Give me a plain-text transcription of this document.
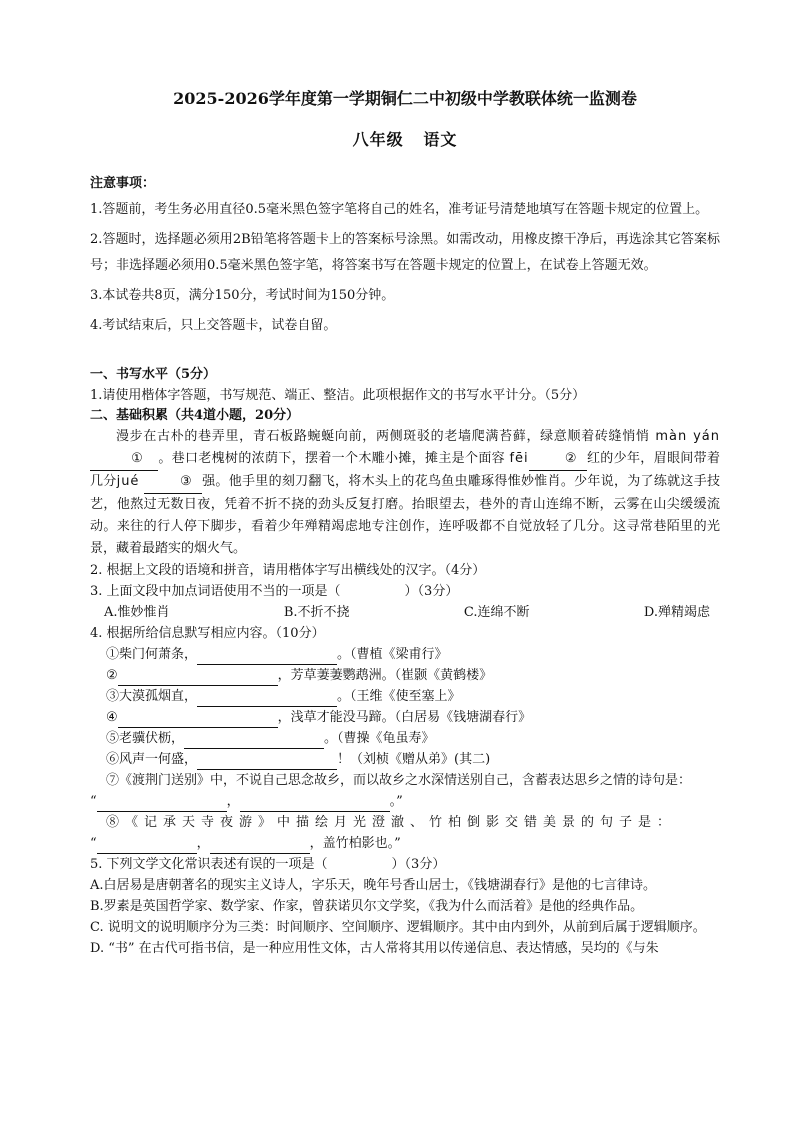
2025-2026学年度第一学期铜仁二中初级中学教联体统一监测卷
八年级   语文
注意事项：

1.答题前，考生务必用直径0.5毫米黑色签字笔将自己的姓名，准考证号清楚地填写在答题卡规定的位置上。

2.答题时，选择题必须用2B铅笔将答题卡上的答案标号涂黑。如需改动，用橡皮擦干净后，再选涂其它答案标号；非选择题必须用0.5毫米黑色签字笔，将答案书写在答题卡规定的位置上，在试卷上答题无效。

3.本试卷共8页，满分150分，考试时间为150分钟。

4.考试结束后，只上交答题卡，试卷自留。

一、书写水平（5分）

1.请使用楷体字答题，书写规范、端正、整洁。此项根据作文的书写水平计分。（5分）

二、基础积累（共4道小题，20分）

漫步在古朴的巷弄里，青石板路蜿蜒向前，两侧斑驳的老墙爬满苔藓，绿意顺着砖缝悄悄 màn yán① 。巷口老槐树的浓荫下，摆着一个木雕小摊，摊主是个面容 fēi	② 红的少年，眉眼间带着几分jué	③ 强。他手里的刻刀翻飞，将木头上的花鸟鱼虫雕琢得惟妙惟肖。少年说，为了练就这手技艺，他熬过无数日夜，凭着不折不挠的劲头反复打磨。抬眼望去，巷外的青山连绵不断，云雾在山尖缓缓流动。来往的行人停下脚步，看着少年殚精竭虑地专注创作，连呼吸都不自觉放轻了几分。这寻常巷陌里的光景，藏着最踏实的烟火气。

2. 根据上文段的语境和拼音，请用楷体字写出横线处的汉字。（4分）

3. 上面文段中加点词语使用不当的一项是（	）（3分）

A.惟妙惟肖	B.不折不挠	C.连绵不断	D.殚精竭虑

4. 根据所给信息默写相应内容。（10分）

①柴门何萧条，	。（曹植《梁甫行》

②	，芳草萋萋鹦鹉洲。（崔颢《黄鹤楼》

③大漠孤烟直，	。（王维《使至塞上》

④	，浅草才能没马蹄。（白居易《钱塘湖春行》

⑤老骥伏枥，	。（曹操《龟虽寿》

⑥风声一何盛，	！（刘桢《赠从弟》(其二)

⑦《渡荆门送别》中，不说自己思念故乡，而以故乡之水深情送别自己，含蓄表达思乡之情的诗句是：

“	，	。”

⑧《记承天寺夜游》中描绘月光澄澈、竹柏倒影交错美景的句子是：

“	，	，盖竹柏影也。”

5. 下列文学文化常识表述有误的一项是（	）（3分）

A.白居易是唐朝著名的现实主义诗人，字乐天，晚年号香山居士，《钱塘湖春行》是他的七言律诗。

B.罗素是英国哲学家、数学家、作家，曾获诺贝尔文学奖，《我为什么而活着》是他的经典作品。

C. 说明文的说明顺序分为三类：时间顺序、空间顺序、逻辑顺序。其中由内到外，从前到后属于逻辑顺序。

D. “书” 在古代可指书信，是一种应用性文体，古人常将其用以传递信息、表达情感，吴均的《与朱
